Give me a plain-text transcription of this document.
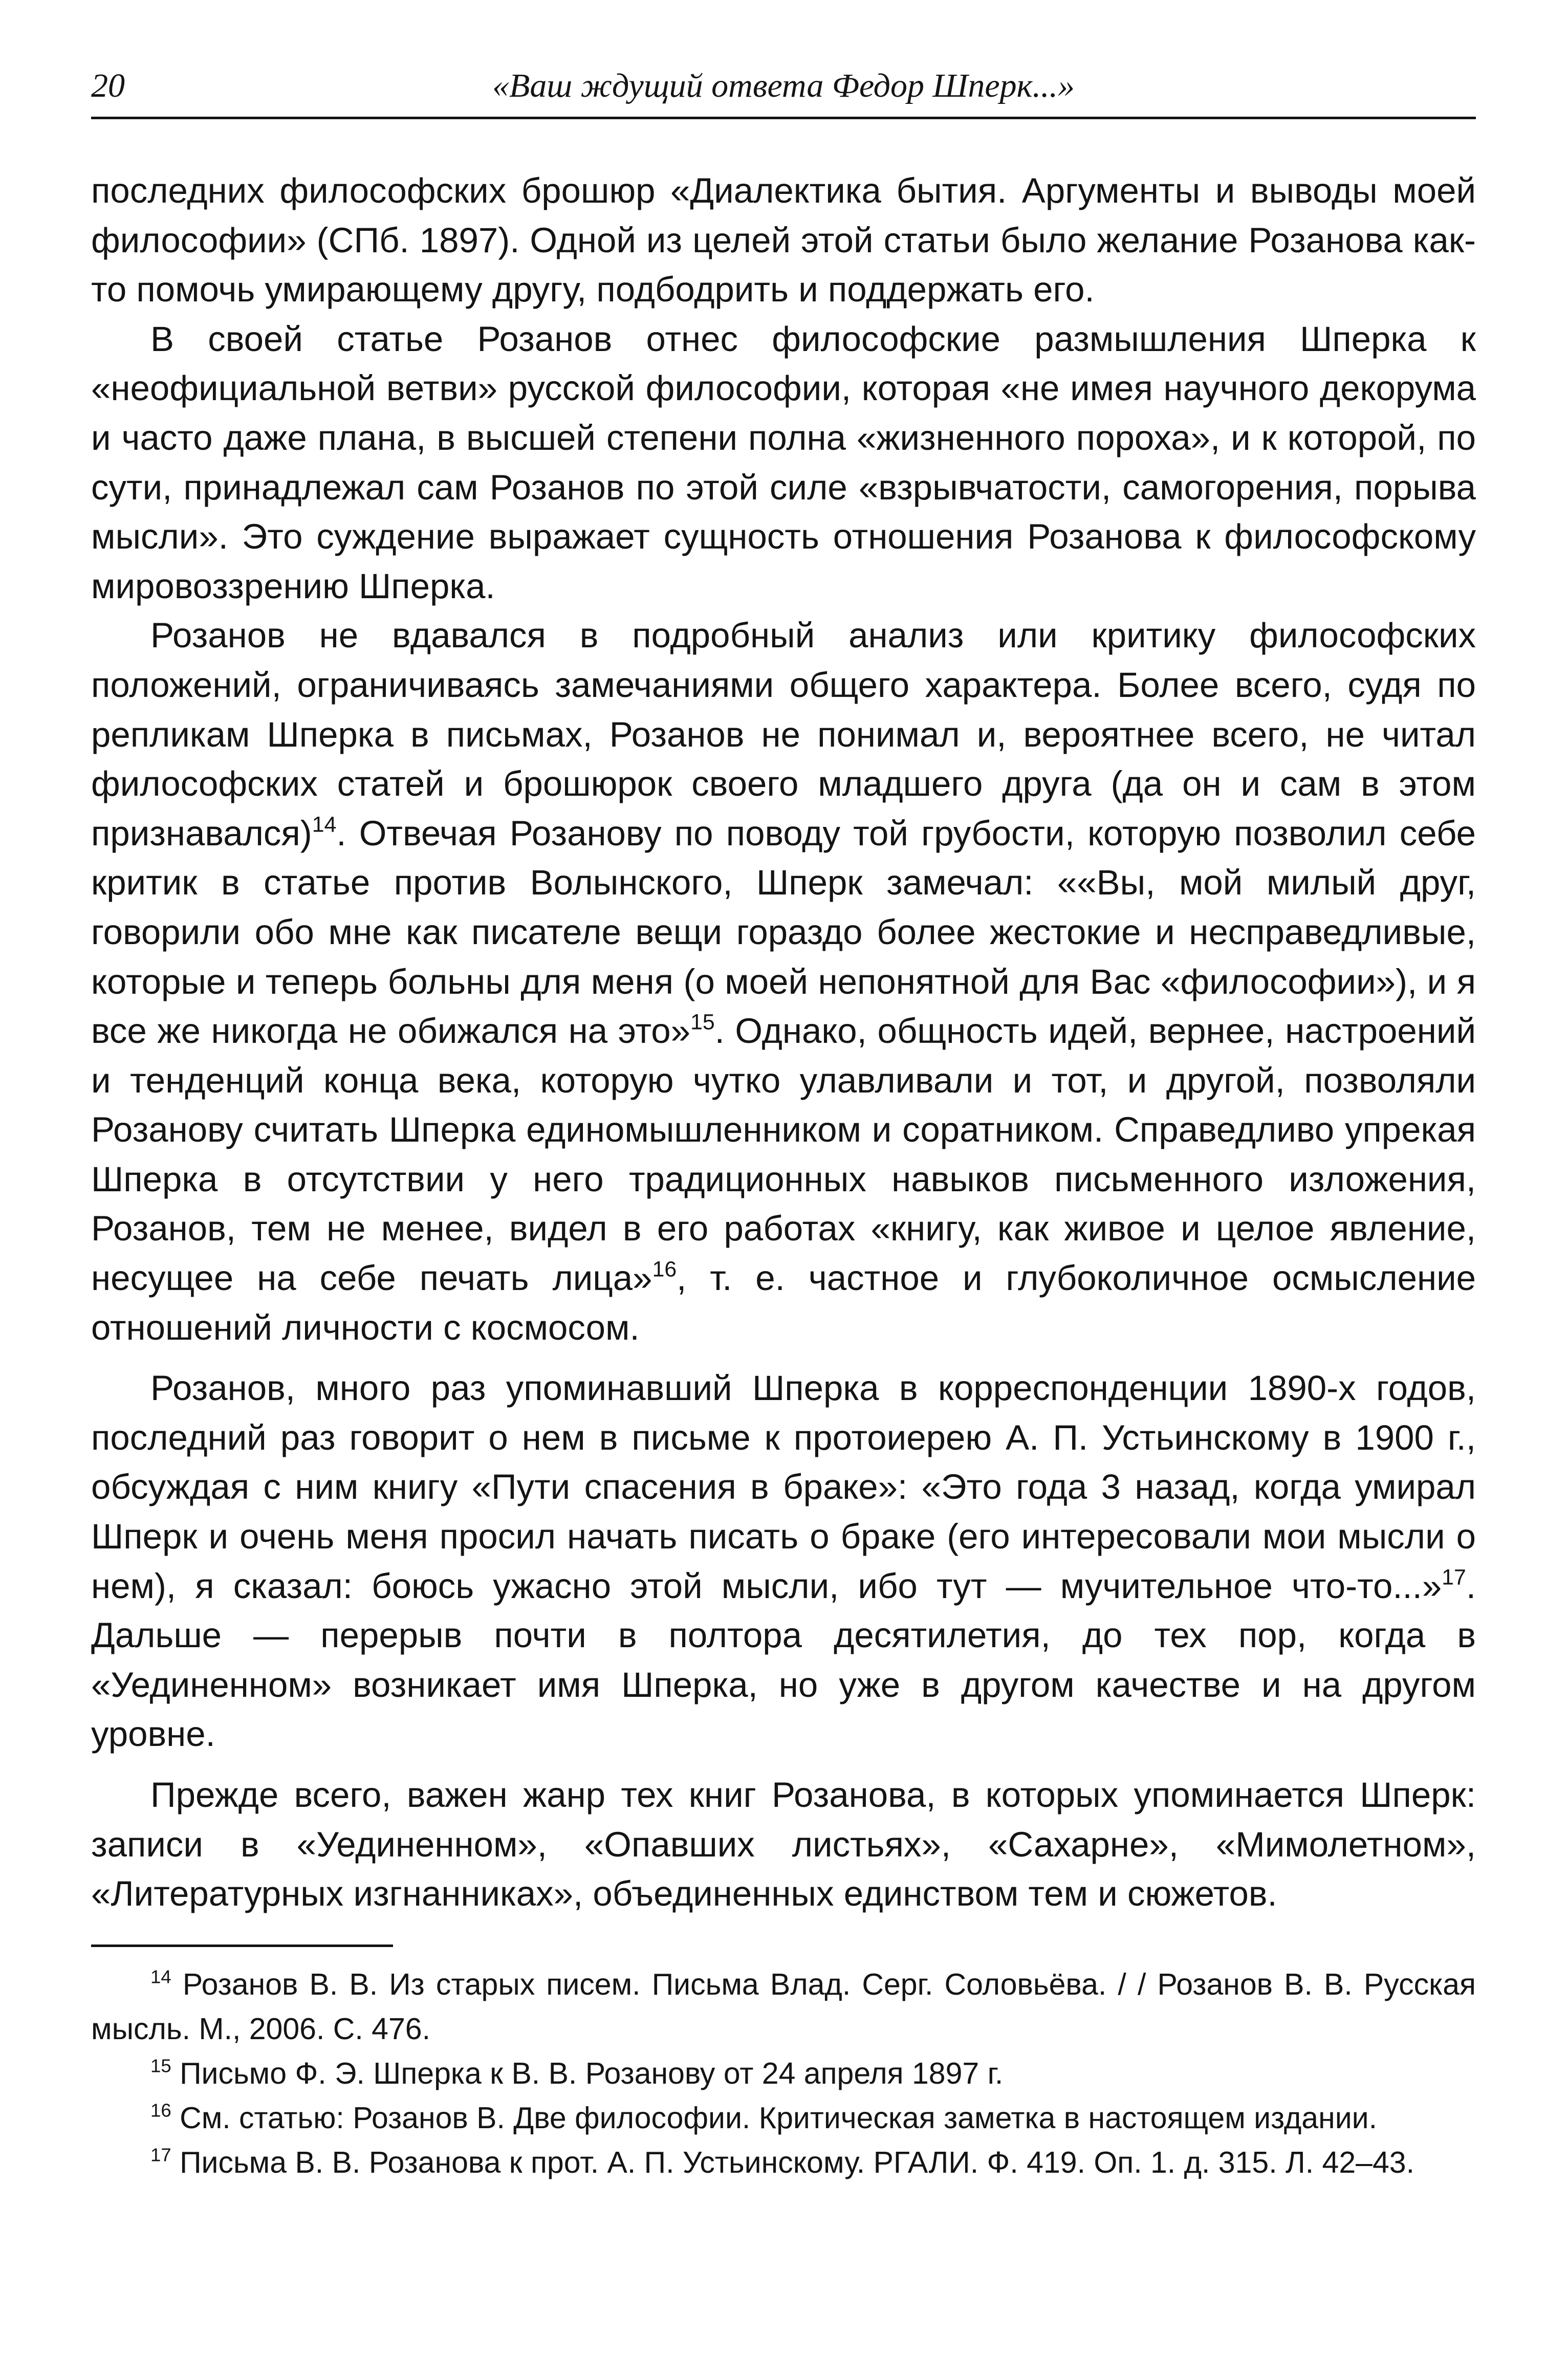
20	«Ваш ждущий ответа Федор Шперк...»

последних философских брошюр «Диалектика бытия. Аргументы и выводы моей философии» (СПб. 1897). Одной из целей этой статьи было желание Розанова как-то помочь умирающему другу, подбодрить и поддержать его.

В своей статье Розанов отнес философские размышления Шперка к «неофициальной ветви» русской философии, которая «не имея научного декорума и часто даже плана, в высшей степени полна «жизненного пороха», и к которой, по сути, принадлежал сам Розанов по этой силе «взрывчатости, самогорения, порыва мысли». Это суждение выражает сущность отношения Розанова к философскому мировоззрению Шперка.

Розанов не вдавался в подробный анализ или критику философских положений, ограничиваясь замечаниями общего характера. Более всего, судя по репликам Шперка в письмах, Розанов не понимал и, вероятнее всего, не читал философских статей и брошюрок своего младшего друга (да он и сам в этом признавался)$^{14}$. Отвечая Розанову по поводу той грубости, которую позволил себе критик в статье против Волынского, Шперк замечал: ««Вы, мой милый друг, говорили обо мне как писателе вещи гораздо более жестокие и несправедливые, которые и теперь больны для меня (о моей непонятной для Вас «философии»), и я все же никогда не обижался на это»$^{15}$. Однако, общность идей, вернее, настроений и тенденций конца века, которую чутко улавливали и тот, и другой, позволяли Розанову считать Шперка единомышленником и соратником. Справедливо упрекая Шперка в отсутствии у него традиционных навыков письменного изложения, Розанов, тем не менее, видел в его работах «книгу, как живое и целое явление, несущее на себе печать лица»$^{16}$, т. е. частное и глубоколичное осмысление отношений личности с космосом.

Розанов, много раз упоминавший Шперка в корреспонденции 1890-х годов, последний раз говорит о нем в письме к протоиерею А. П. Устьинскому в 1900 г., обсуждая с ним книгу «Пути спасения в браке»: «Это года 3 назад, когда умирал Шперк и очень меня просил начать писать о браке (его интересовали мои мысли о нем), я сказал: боюсь ужасно этой мысли, ибо тут — мучительное что-то...»$^{17}$. Дальше — перерыв почти в полтора десятилетия, до тех пор, когда в «Уединенном» возникает имя Шперка, но уже в другом качестве и на другом уровне.

Прежде всего, важен жанр тех книг Розанова, в которых упоминается Шперк: записи в «Уединенном», «Опавших листьях», «Сахарне», «Мимолетном», «Литературных изгнанниках», объединенных единством тем и сюжетов.

$^{14}$ Розанов В. В. Из старых писем. Письма Влад. Серг. Соловьёва. / / Розанов В. В. Русская мысль. М., 2006. С. 476.

$^{15}$ Письмо Ф. Э. Шперка к В. В. Розанову от 24 апреля 1897 г.

$^{16}$ См. статью: Розанов В. Две философии. Критическая заметка в настоящем издании.

$^{17}$ Письма В. В. Розанова к прот. А. П. Устьинскому. РГАЛИ. Ф. 419. Оп. 1. д. 315. Л. 42–43.
